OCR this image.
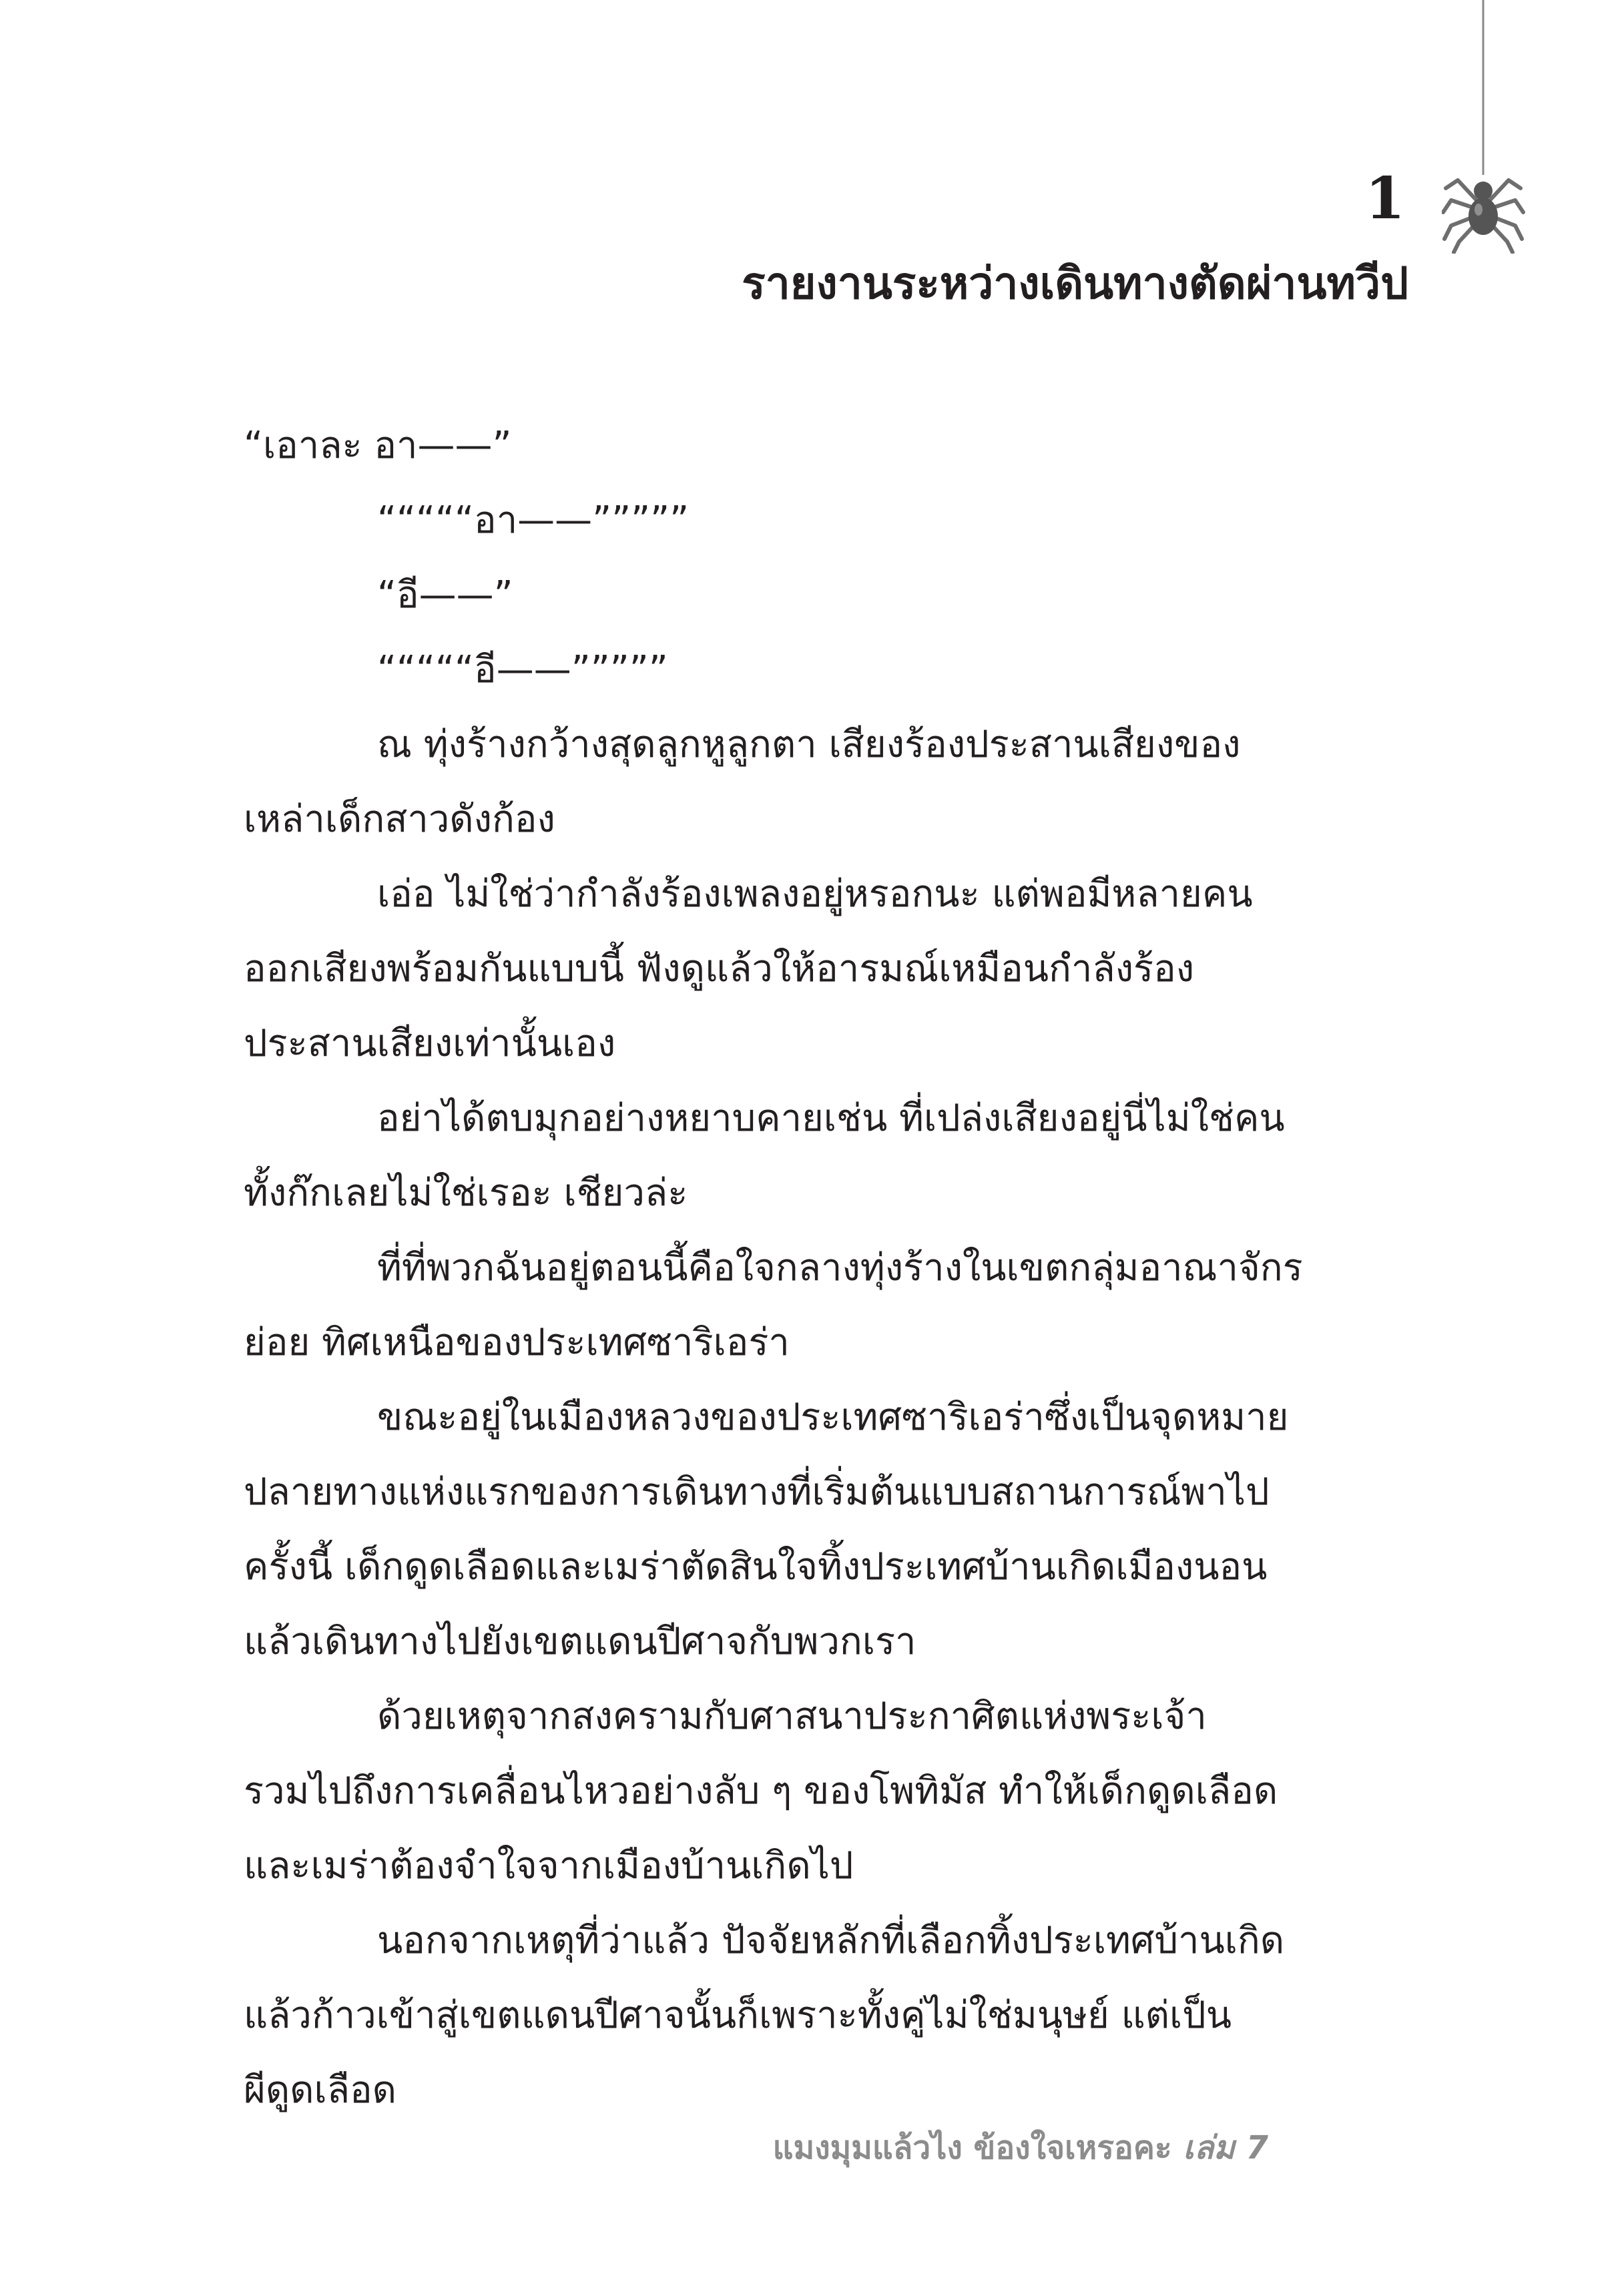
1
รายงานระหว่างเดินทางตัดผ่านทวีป
“เอาละ อา——”
“““““อา——”””””
“อี——”
“““““อี——”””””
ณ ทุ่งร้างกว้างสุดลูกหูลูกตา เสียงร้องประสานเสียงของ
เหล่าเด็กสาวดังก้อง
เอ่อ ไม่ใช่ว่ากำลังร้องเพลงอยู่หรอกนะ แต่พอมีหลายคน
ออกเสียงพร้อมกันแบบนี้ ฟังดูแล้วให้อารมณ์เหมือนกำลังร้อง
ประสานเสียงเท่านั้นเอง
อย่าได้ตบมุกอย่างหยาบคายเช่น ที่เปล่งเสียงอยู่นี่ไม่ใช่คน
ทั้งก๊กเลยไม่ใช่เรอะ เชียวล่ะ
ที่ที่พวกฉันอยู่ตอนนี้คือใจกลางทุ่งร้างในเขตกลุ่มอาณาจักร
ย่อย ทิศเหนือของประเทศซาริเอร่า
ขณะอยู่ในเมืองหลวงของประเทศซาริเอร่าซึ่งเป็นจุดหมาย
ปลายทางแห่งแรกของการเดินทางที่เริ่มต้นแบบสถานการณ์พาไป
ครั้งนี้ เด็กดูดเลือดและเมร่าตัดสินใจทิ้งประเทศบ้านเกิดเมืองนอน
แล้วเดินทางไปยังเขตแดนปีศาจกับพวกเรา
ด้วยเหตุจากสงครามกับศาสนาประกาศิตแห่งพระเจ้า
รวมไปถึงการเคลื่อนไหวอย่างลับ ๆ ของโพทิมัส ทำให้เด็กดูดเลือด
และเมร่าต้องจำใจจากเมืองบ้านเกิดไป
นอกจากเหตุที่ว่าแล้ว ปัจจัยหลักที่เลือกทิ้งประเทศบ้านเกิด
แล้วก้าวเข้าสู่เขตแดนปีศาจนั้นก็เพราะทั้งคู่ไม่ใช่มนุษย์ แต่เป็น
ผีดูดเลือด
แมงมุมแล้วไง ข้องใจเหรอคะ เล่ม 7
